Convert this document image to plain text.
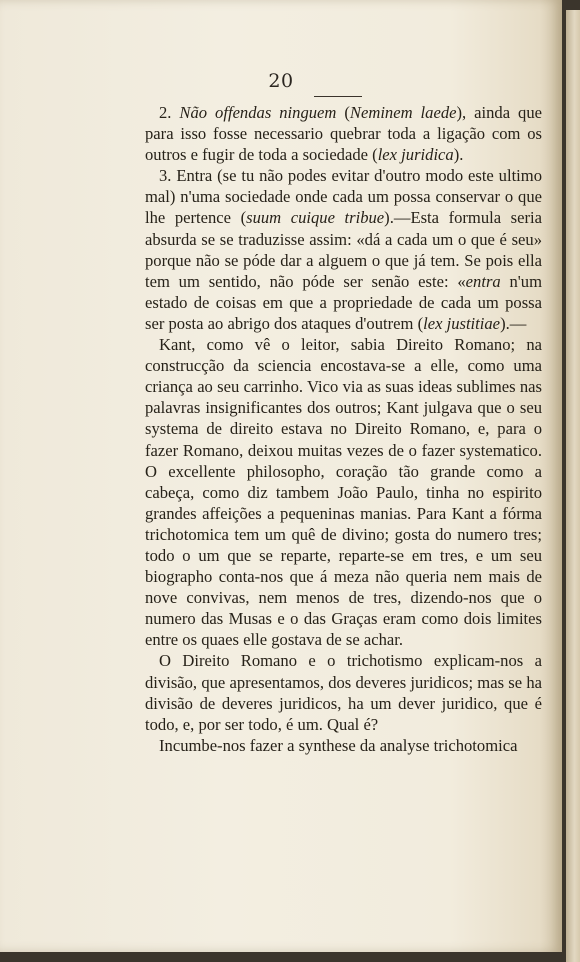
20

2. Não offendas ninguem (Neminem laede), ainda que para isso fosse necessario quebrar toda a ligação com os outros e fugir de toda a sociedade (lex juridica).

3. Entra (se tu não podes evitar d'outro modo este ultimo mal) n'uma sociedade onde cada um possa conservar o que lhe pertence (suum cuique tribue).—Esta formula seria absurda se se traduzisse assim: «dá a cada um o que é seu» porque não se póde dar a alguem o que já tem. Se pois ella tem um sentido, não póde ser senão este: «entra n'um estado de coisas em que a propriedade de cada um possa ser posta ao abrigo dos ataques d'outrem (lex justitiae).—

Kant, como vê o leitor, sabia Direito Romano; na construcção da sciencia encostava-se a elle, como uma criança ao seu carrinho. Vico via as suas ideas sublimes nas palavras insignificantes dos outros; Kant julgava que o seu systema de direito estava no Direito Romano, e, para o fazer Romano, deixou muitas vezes de o fazer systematico. O excellente philosopho, coração tão grande como a cabeça, como diz tambem João Paulo, tinha no espirito grandes affeições a pequeninas manias. Para Kant a fórma trichotomica tem um quê de divino; gosta do numero tres; todo o um que se reparte, reparte-se em tres, e um seu biographo conta-nos que á meza não queria nem mais de nove convivas, nem menos de tres, dizendo-nos que o numero das Musas e o das Graças eram como dois limites entre os quaes elle gostava de se achar.

O Direito Romano e o trichotismo explicam-nos a divisão, que apresentamos, dos deveres juridicos; mas se ha divisão de deveres juridicos, ha um dever juridico, que é todo, e, por ser todo, é um. Qual é?

Incumbe-nos fazer a synthese da analyse trichotomica
